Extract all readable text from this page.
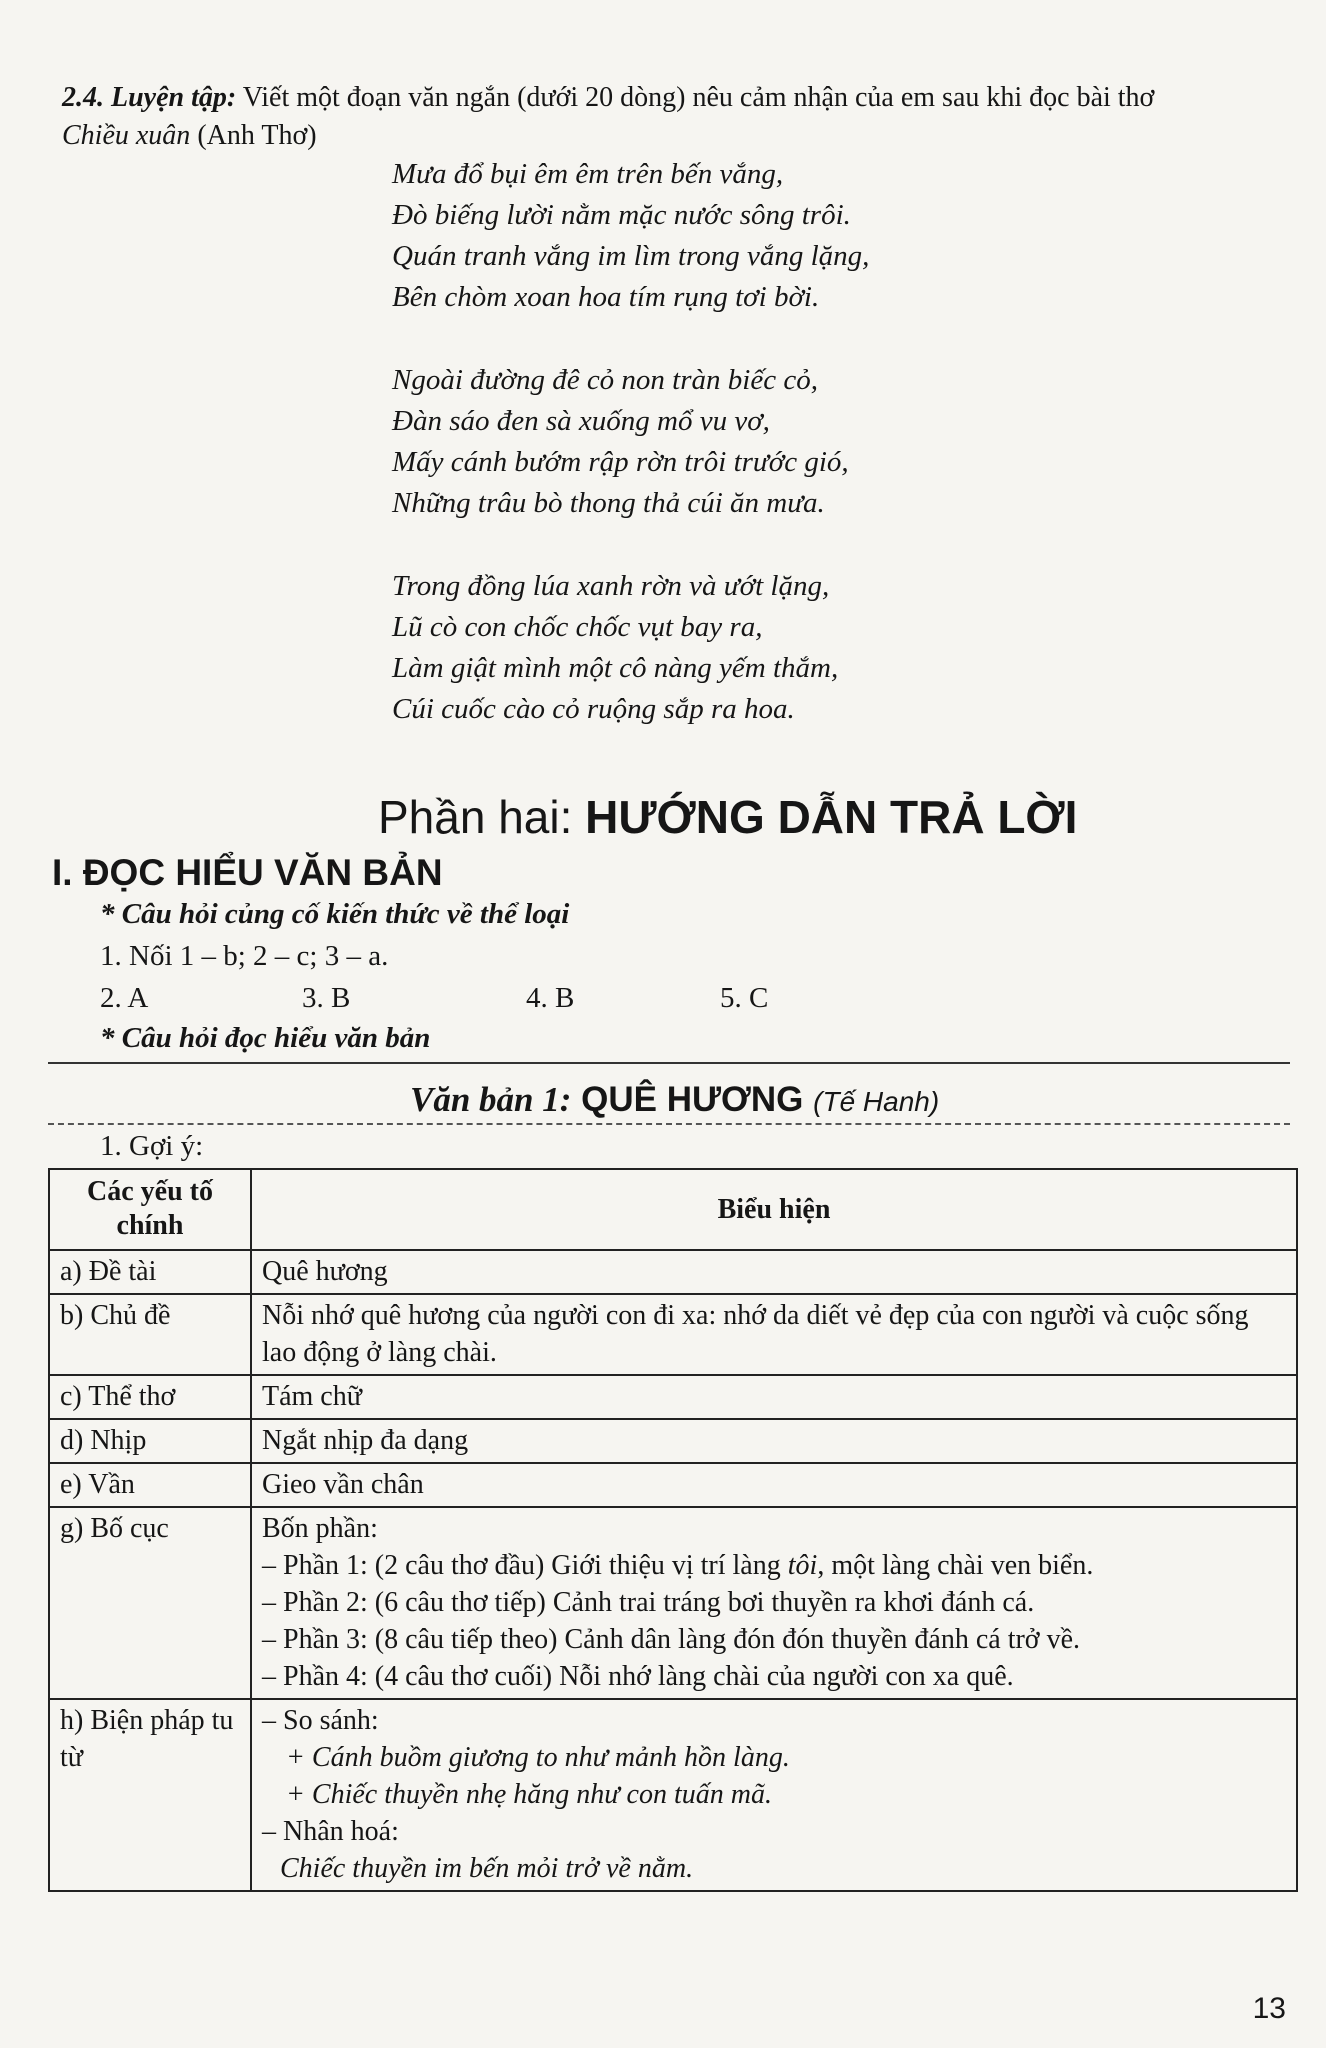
2.4. Luyện tập: Viết một đoạn văn ngắn (dưới 20 dòng) nêu cảm nhận của em sau khi đọc bài thơ
Chiều xuân (Anh Thơ)
Mưa đổ bụi êm êm trên bến vắng,
Đò biếng lười nằm mặc nước sông trôi.
Quán tranh vắng im lìm trong vắng lặng,
Bên chòm xoan hoa tím rụng tơi bời.
Ngoài đường đê cỏ non tràn biếc cỏ,
Đàn sáo đen sà xuống mổ vu vơ,
Mấy cánh bướm rập rờn trôi trước gió,
Những trâu bò thong thả cúi ăn mưa.
Trong đồng lúa xanh rờn và ướt lặng,
Lũ cò con chốc chốc vụt bay ra,
Làm giật mình một cô nàng yếm thắm,
Cúi cuốc cào cỏ ruộng sắp ra hoa.
Phần hai: HƯỚNG DẪN TRẢ LỜI
I. ĐỌC HIỂU VĂN BẢN
* Câu hỏi củng cố kiến thức về thể loại
1. Nối 1 – b; 2 – c; 3 – a.
2. A	3. B	4. B	5. C
* Câu hỏi đọc hiểu văn bản
Văn bản 1: QUÊ HƯƠNG (Tế Hanh)
1. Gợi ý:
Các yếu tố chính	Biểu hiện
a) Đề tài	Quê hương
b) Chủ đề	Nỗi nhớ quê hương của người con đi xa: nhớ da diết vẻ đẹp của con người và cuộc sống lao động ở làng chài.
c) Thể thơ	Tám chữ
d) Nhịp	Ngắt nhịp đa dạng
e) Vần	Gieo vần chân
g) Bố cục	Bốn phần:
– Phần 1: (2 câu thơ đầu) Giới thiệu vị trí làng tôi, một làng chài ven biển.
– Phần 2: (6 câu thơ tiếp) Cảnh trai tráng bơi thuyền ra khơi đánh cá.
– Phần 3: (8 câu tiếp theo) Cảnh dân làng đón đón thuyền đánh cá trở về.
– Phần 4: (4 câu thơ cuối) Nỗi nhớ làng chài của người con xa quê.

h) Biện pháp tu từ	– So sánh:
+ Cánh buồm giương to như mảnh hồn làng.
+ Chiếc thuyền nhẹ hăng như con tuấn mã.
– Nhân hoá:
Chiếc thuyền im bến mỏi trở về nằm.
13
